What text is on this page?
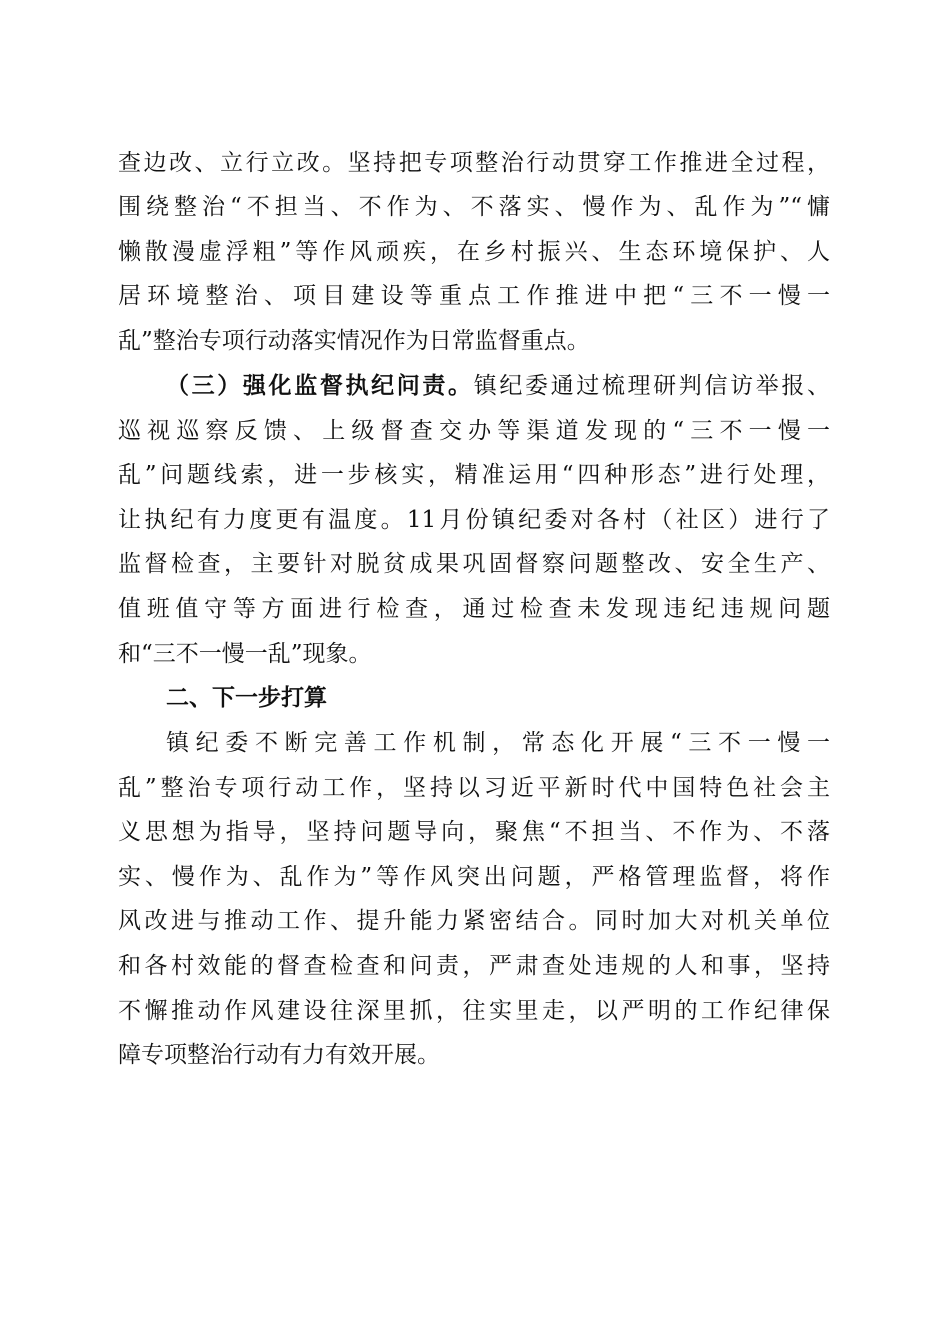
查边改、立行立改。坚持把专项整治行动贯穿工作推进全过程，
围绕整治“不担当、不作为、不落实、慢作为、乱作为”“慵
懒散漫虚浮粗”等作风顽疾，在乡村振兴、生态环境保护、人
居环境整治、项目建设等重点工作推进中把“三不一慢一
乱”整治专项行动落实情况作为日常监督重点。
（三）强化监督执纪问责。镇纪委通过梳理研判信访举报、
巡视巡察反馈、上级督查交办等渠道发现的“三不一慢一
乱”问题线索，进一步核实，精准运用“四种形态”进行处理，
让执纪有力度更有温度。11月份镇纪委对各村（社区）进行了
监督检查，主要针对脱贫成果巩固督察问题整改、安全生产、
值班值守等方面进行检查，通过检查未发现违纪违规问题
和“三不一慢一乱”现象。
二、下一步打算
镇纪委不断完善工作机制，常态化开展“三不一慢一
乱”整治专项行动工作，坚持以习近平新时代中国特色社会主
义思想为指导，坚持问题导向，聚焦“不担当、不作为、不落
实、慢作为、乱作为”等作风突出问题，严格管理监督，将作
风改进与推动工作、提升能力紧密结合。同时加大对机关单位
和各村效能的督查检查和问责，严肃查处违规的人和事，坚持
不懈推动作风建设往深里抓，往实里走，以严明的工作纪律保
障专项整治行动有力有效开展。
